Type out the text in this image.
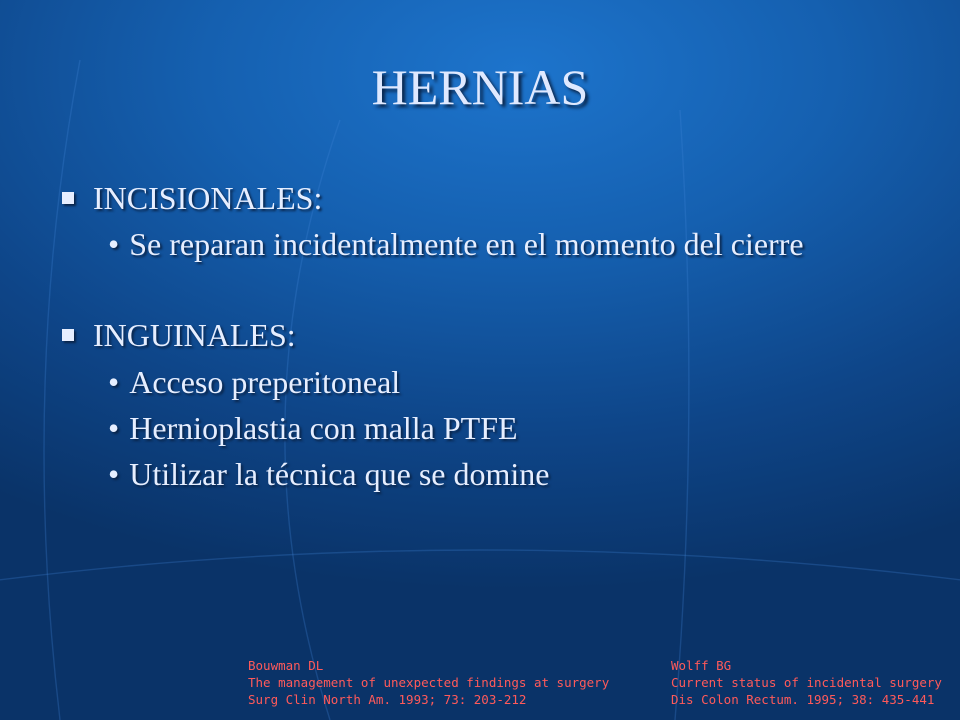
HERNIAS
INCISIONALES:
• Se reparan incidentalmente en el momento del cierre
INGUINALES:
• Acceso preperitoneal
• Hernioplastia con malla PTFE
• Utilizar la técnica que se domine
Bouwman DL
The management of unexpected findings at surgery
Surg Clin North Am. 1993; 73: 203-212
Wolff BG
Current status of incidental surgery
Dis Colon Rectum. 1995; 38: 435-441
